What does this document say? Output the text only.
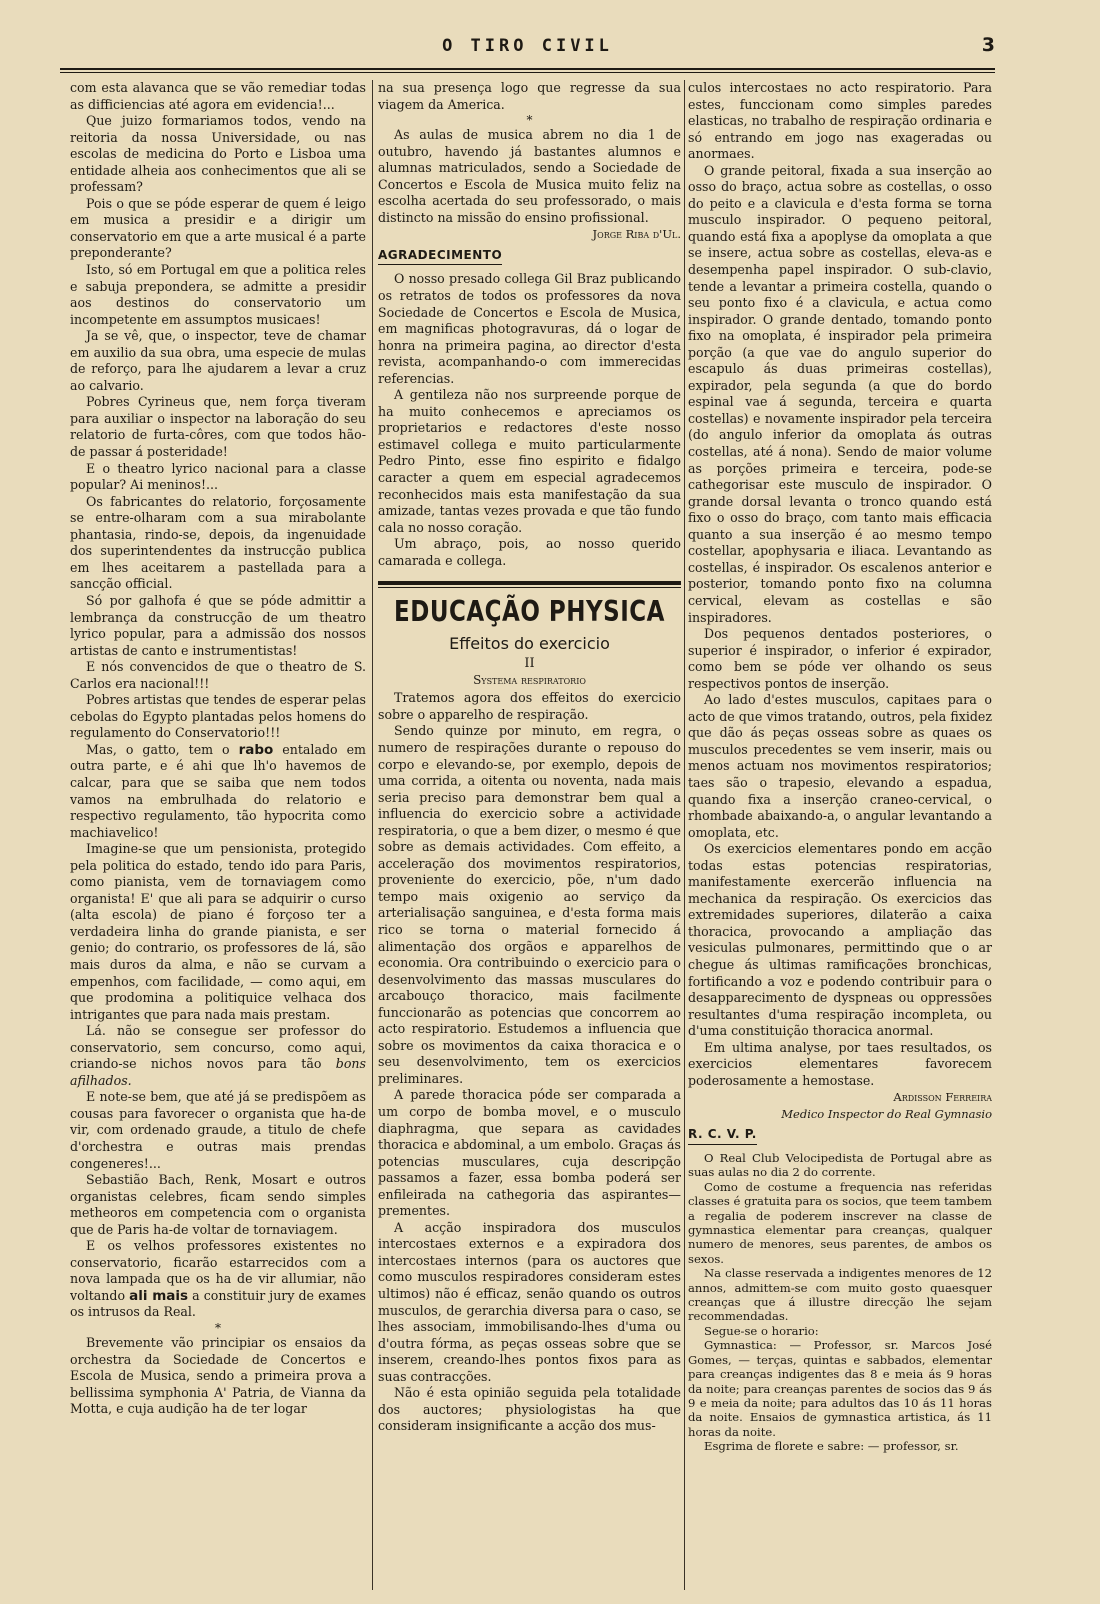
O TIRO CIVIL	3

com esta alavanca que se vão remediar todas as difficiencias até agora em evidencia!...

Que juizo formariamos todos, vendo na reitoria da nossa Universidade, ou nas escolas de medicina do Porto e Lisboa uma entidade alheia aos conhecimentos que ali se professam?

Pois o que se póde esperar de quem é leigo em musica a presidir e a dirigir um conservatorio em que a arte musical é a parte preponderante?

Isto, só em Portugal em que a politica reles e sabuja prepondera, se admitte a presidir aos destinos do conservatorio um incompetente em assumptos musicaes!

Ja se vê, que, o inspector, teve de chamar em auxilio da sua obra, uma especie de mulas de reforço, para lhe ajudarem a levar a cruz ao calvario.

Pobres Cyrineus que, nem força tiveram para auxiliar o inspector na laboração do seu relatorio de furta-côres, com que todos hão-de passar á posteridade!

E o theatro lyrico nacional para a classe popular? Ai meninos!...

Os fabricantes do relatorio, forçosamente se entre-olharam com a sua mirabolante phantasia, rindo-se, depois, da ingenuidade dos superintendentes da instrucção publica em lhes aceitarem a pastellada para a sancção official.

Só por galhofa é que se póde admittir a lembrança da construcção de um theatro lyrico popular, para a admissão dos nossos artistas de canto e instrumentistas!

E nós convencidos de que o theatro de S. Carlos era nacional!!!

Pobres artistas que tendes de esperar pelas cebolas do Egypto plantadas pelos homens do regulamento do Conservatorio!!!

Mas, o gatto, tem o rabo entalado em outra parte, e é ahi que lh'o havemos de calcar, para que se saiba que nem todos vamos na embrulhada do relatorio e respectivo regulamento, tão hypocrita como machiavelico!

Imagine-se que um pensionista, protegido pela politica do estado, tendo ido para Paris, como pianista, vem de tornaviagem como organista! E' que ali para se adquirir o curso (alta escola) de piano é forçoso ter a verdadeira linha do grande pianista, e ser genio; do contrario, os professores de lá, são mais duros da alma, e não se curvam a empenhos, com facilidade, — como aqui, em que prodomina a politiquice velhaca dos intrigantes que para nada mais prestam.

Lá. não se consegue ser professor do conservatorio, sem concurso, como aqui, criando-se nichos novos para tão bons afilhados.

E note-se bem, que até já se predispõem as cousas para favorecer o organista que ha-de vir, com ordenado graude, a titulo de chefe d'orchestra e outras mais prendas congeneres!...

Sebastião Bach, Renk, Mosart e outros organistas celebres, ficam sendo simples metheoros em competencia com o organista que de Paris ha-de voltar de tornaviagem.

E os velhos professores existentes no conservatorio, ficarão estarrecidos com a nova lampada que os ha de vir allumiar, não voltando ali mais a constituir jury de exames os intrusos da Real.

*

Brevemente vão principiar os ensaios da orchestra da Sociedade de Concertos e Escola de Musica, sendo a primeira prova a bellissima symphonia A' Patria, de Vianna da Motta, e cuja audição ha de ter logar

na sua presença logo que regresse da sua viagem da America.

*

As aulas de musica abrem no dia 1 de outubro, havendo já bastantes alumnos e alumnas matriculados, sendo a Sociedade de Concertos e Escola de Musica muito feliz na escolha acertada do seu professorado, o mais distincto na missão do ensino profissional.

Jorge Riba d'Ul.

AGRADECIMENTO

O nosso presado collega Gil Braz publicando os retratos de todos os professores da nova Sociedade de Concertos e Escola de Musica, em magnificas photogravuras, dá o logar de honra na primeira pagina, ao director d'esta revista, acompanhando-o com immerecidas referencias.

A gentileza não nos surpreende porque de ha muito conhecemos e apreciamos os proprietarios e redactores d'este nosso estimavel collega e muito particularmente Pedro Pinto, esse fino espirito e fidalgo caracter a quem em especial agradecemos reconhecidos mais esta manifestação da sua amizade, tantas vezes provada e que tão fundo cala no nosso coração.

Um abraço, pois, ao nosso querido camarada e collega.

EDUCAÇÃO PHYSICA
Effeitos do exercicio
II
Systema respiratorio

Tratemos agora dos effeitos do exercicio sobre o apparelho de respiração.

Sendo quinze por minuto, em regra, o numero de respirações durante o repouso do corpo e elevando-se, por exemplo, depois de uma corrida, a oitenta ou noventa, nada mais seria preciso para demonstrar bem qual a influencia do exercicio sobre a actividade respiratoria, o que a bem dizer, o mesmo é que sobre as demais actividades. Com effeito, a acceleração dos movimentos respiratorios, proveniente do exercicio, põe, n'um dado tempo mais oxigenio ao serviço da arterialisação sanguinea, e d'esta forma mais rico se torna o material fornecido á alimentação dos orgãos e apparelhos de economia. Ora contribuindo o exercicio para o desenvolvimento das massas musculares do arcabouço thoracico, mais facilmente funccionarão as potencias que concorrem ao acto respiratorio. Estudemos a influencia que sobre os movimentos da caixa thoracica e o seu desenvolvimento, tem os exercicios preliminares.

A parede thoracica póde ser comparada a um corpo de bomba movel, e o musculo diaphragma, que separa as cavidades thoracica e abdominal, a um embolo. Graças ás potencias musculares, cuja descripção passamos a fazer, essa bomba poderá ser enfileirada na cathegoria das aspirantes—prementes.

A acção inspiradora dos musculos intercostaes externos e a expiradora dos intercostaes internos (para os auctores que como musculos respiradores consideram estes ultimos) não é efficaz, senão quando os outros musculos, de gerarchia diversa para o caso, se lhes associam, immobilisando-lhes d'uma ou d'outra fórma, as peças osseas sobre que se inserem, creando-lhes pontos fixos para as suas contracções.

Não é esta opinião seguida pela totalidade dos auctores; physiologistas ha que consideram insignificante a acção dos mus-

culos intercostaes no acto respiratorio. Para estes, funccionam como simples paredes elasticas, no trabalho de respiração ordinaria e só entrando em jogo nas exageradas ou anormaes.

O grande peitoral, fixada a sua inserção ao osso do braço, actua sobre as costellas, o osso do peito e a clavicula e d'esta forma se torna musculo inspirador. O pequeno peitoral, quando está fixa a apoplyse da omoplata a que se insere, actua sobre as costellas, eleva-as e desempenha papel inspirador. O sub-clavio, tende a levantar a primeira costella, quando o seu ponto fixo é a clavicula, e actua como inspirador. O grande dentado, tomando ponto fixo na omoplata, é inspirador pela primeira porção (a que vae do angulo superior do escapulo ás duas primeiras costellas), expirador, pela segunda (a que do bordo espinal vae á segunda, terceira e quarta costellas) e novamente inspirador pela terceira (do angulo inferior da omoplata ás outras costellas, até á nona). Sendo de maior volume as porções primeira e terceira, pode-se cathegorisar este musculo de inspirador. O grande dorsal levanta o tronco quando está fixo o osso do braço, com tanto mais efficacia quanto a sua inserção é ao mesmo tempo costellar, apophysaria e iliaca. Levantando as costellas, é inspirador. Os escalenos anterior e posterior, tomando ponto fixo na columna cervical, elevam as costellas e são inspiradores.

Dos pequenos dentados posteriores, o superior é inspirador, o inferior é expirador, como bem se póde ver olhando os seus respectivos pontos de inserção.

Ao lado d'estes musculos, capitaes para o acto de que vimos tratando, outros, pela fixidez que dão ás peças osseas sobre as quaes os musculos precedentes se vem inserir, mais ou menos actuam nos movimentos respiratorios; taes são o trapesio, elevando a espadua, quando fixa a inserção craneo-cervical, o rhombade abaixando-a, o angular levantando a omoplata, etc.

Os exercicios elementares pondo em acção todas estas potencias respiratorias, manifestamente exercerão influencia na mechanica da respiração. Os exercicios das extremidades superiores, dilaterão a caixa thoracica, provocando a ampliação das vesiculas pulmonares, permittindo que o ar chegue ás ultimas ramificações bronchicas, fortificando a voz e podendo contribuir para o desapparecimento de dyspneas ou oppressões resultantes d'uma respiração incompleta, ou d'uma constituição thoracica anormal.

Em ultima analyse, por taes resultados, os exercicios elementares favorecem poderosamente a hemostase.

Ardisson Ferreira

Medico Inspector do Real Gymnasio

R. C. V. P.

O Real Club Velocipedista de Portugal abre as suas aulas no dia 2 do corrente.

Como de costume a frequencia nas referidas classes é gratuita para os socios, que teem tambem a regalia de poderem inscrever na classe de gymnastica elementar para creanças, qualquer numero de menores, seus parentes, de ambos os sexos.

Na classe reservada a indigentes menores de 12 annos, admittem-se com muito gosto quaesquer creanças que á illustre direcção lhe sejam recommendadas.

Segue-se o horario:

Gymnastica: — Professor, sr. Marcos José Gomes, — terças, quintas e sabbados, elementar para creanças indigentes das 8 e meia ás 9 horas da noite; para creanças parentes de socios das 9 ás 9 e meia da noite; para adultos das 10 ás 11 horas da noite. Ensaios de gymnastica artistica, ás 11 horas da noite.

Esgrima de florete e sabre: — professor, sr.
